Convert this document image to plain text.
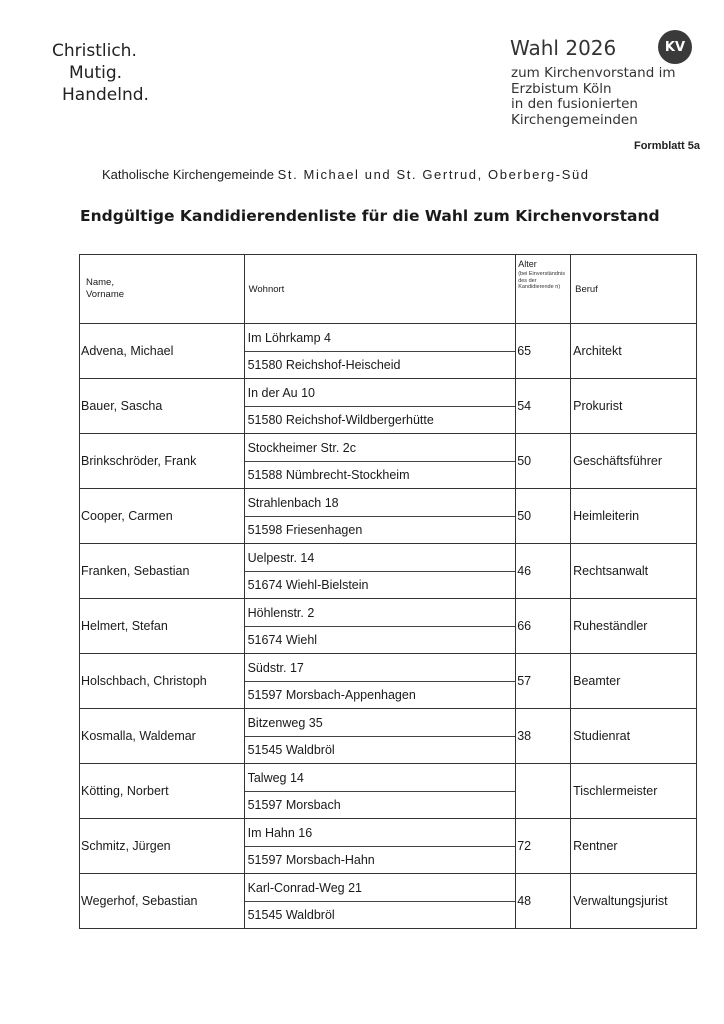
Christlich.
Mutig.
Handelnd.
Wahl 2026	KV
zum Kirchenvorstand im
Erzbistum Köln
in den fusionierten
Kirchengemeinden
Formblatt 5a
Katholische Kirchengemeinde St. Michael und St. Gertrud, Oberberg-Süd
Endgültige Kandidierendenliste für die Wahl zum Kirchenvorstand
Name,
Vorname	Wohnort	Alter
(bei Einverständnis des der Kandidierende n)	Beruf
Advena, Michael	Im Löhrkamp 4
51580 Reichshof-Heischeid	65	Architekt
Bauer, Sascha	In der Au 10
51580 Reichshof-Wildbergerhütte	54	Prokurist
Brinkschröder, Frank	Stockheimer Str. 2c
51588 Nümbrecht-Stockheim	50	Geschäftsführer
Cooper, Carmen	Strahlenbach 18
51598 Friesenhagen	50	Heimleiterin
Franken, Sebastian	Uelpestr. 14
51674 Wiehl-Bielstein	46	Rechtsanwalt
Helmert, Stefan	Höhlenstr. 2
51674 Wiehl	66	Ruheständler
Holschbach, Christoph	Südstr. 17
51597 Morsbach-Appenhagen	57	Beamter
Kosmalla, Waldemar	Bitzenweg 35
51545 Waldbröl	38	Studienrat
Kötting, Norbert	Talweg 14
51597 Morsbach		Tischlermeister
Schmitz, Jürgen	Im Hahn 16
51597 Morsbach-Hahn	72	Rentner
Wegerhof, Sebastian	Karl-Conrad-Weg 21
51545 Waldbröl	48	Verwaltungsjurist
